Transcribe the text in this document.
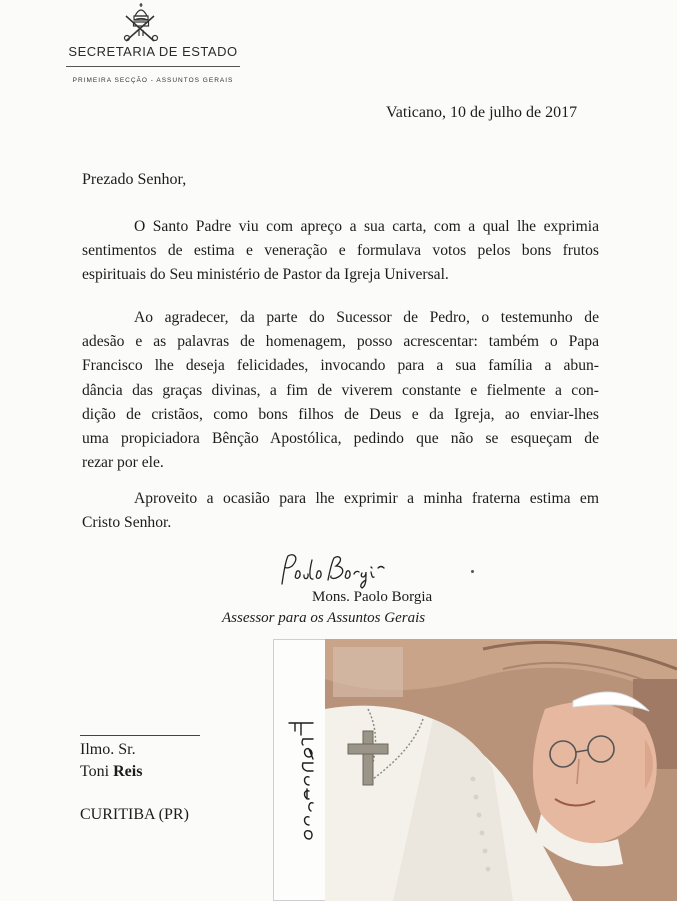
SECRETARIA DE ESTADO
PRIMEIRA SECÇÃO - ASSUNTOS GERAIS
Vaticano, 10 de julho de 2017
Prezado Senhor,
O Santo Padre viu com apreço a sua carta, com a qual lhe exprimia
sentimentos de estima e veneração e formulava votos pelos bons frutos
espirituais do Seu ministério de Pastor da Igreja Universal.
Ao agradecer, da parte do Sucessor de Pedro, o testemunho de
adesão e as palavras de homenagem, posso acrescentar: também o Papa
Francisco lhe deseja felicidades, invocando para a sua família a abun-
dância das graças divinas, a fim de viverem constante e fielmente a con-
dição de cristãos, como bons filhos de Deus e da Igreja, ao enviar-lhes
uma propiciadora Bênção Apostólica, pedindo que não se esqueçam de
rezar por ele.
Aproveito a ocasião para lhe exprimir a minha fraterna estima em
Cristo Senhor.
Mons. Paolo Borgia
Assessor para os Assuntos Gerais
Ilmo. Sr.
Toni Reis
CURITIBA (PR)
